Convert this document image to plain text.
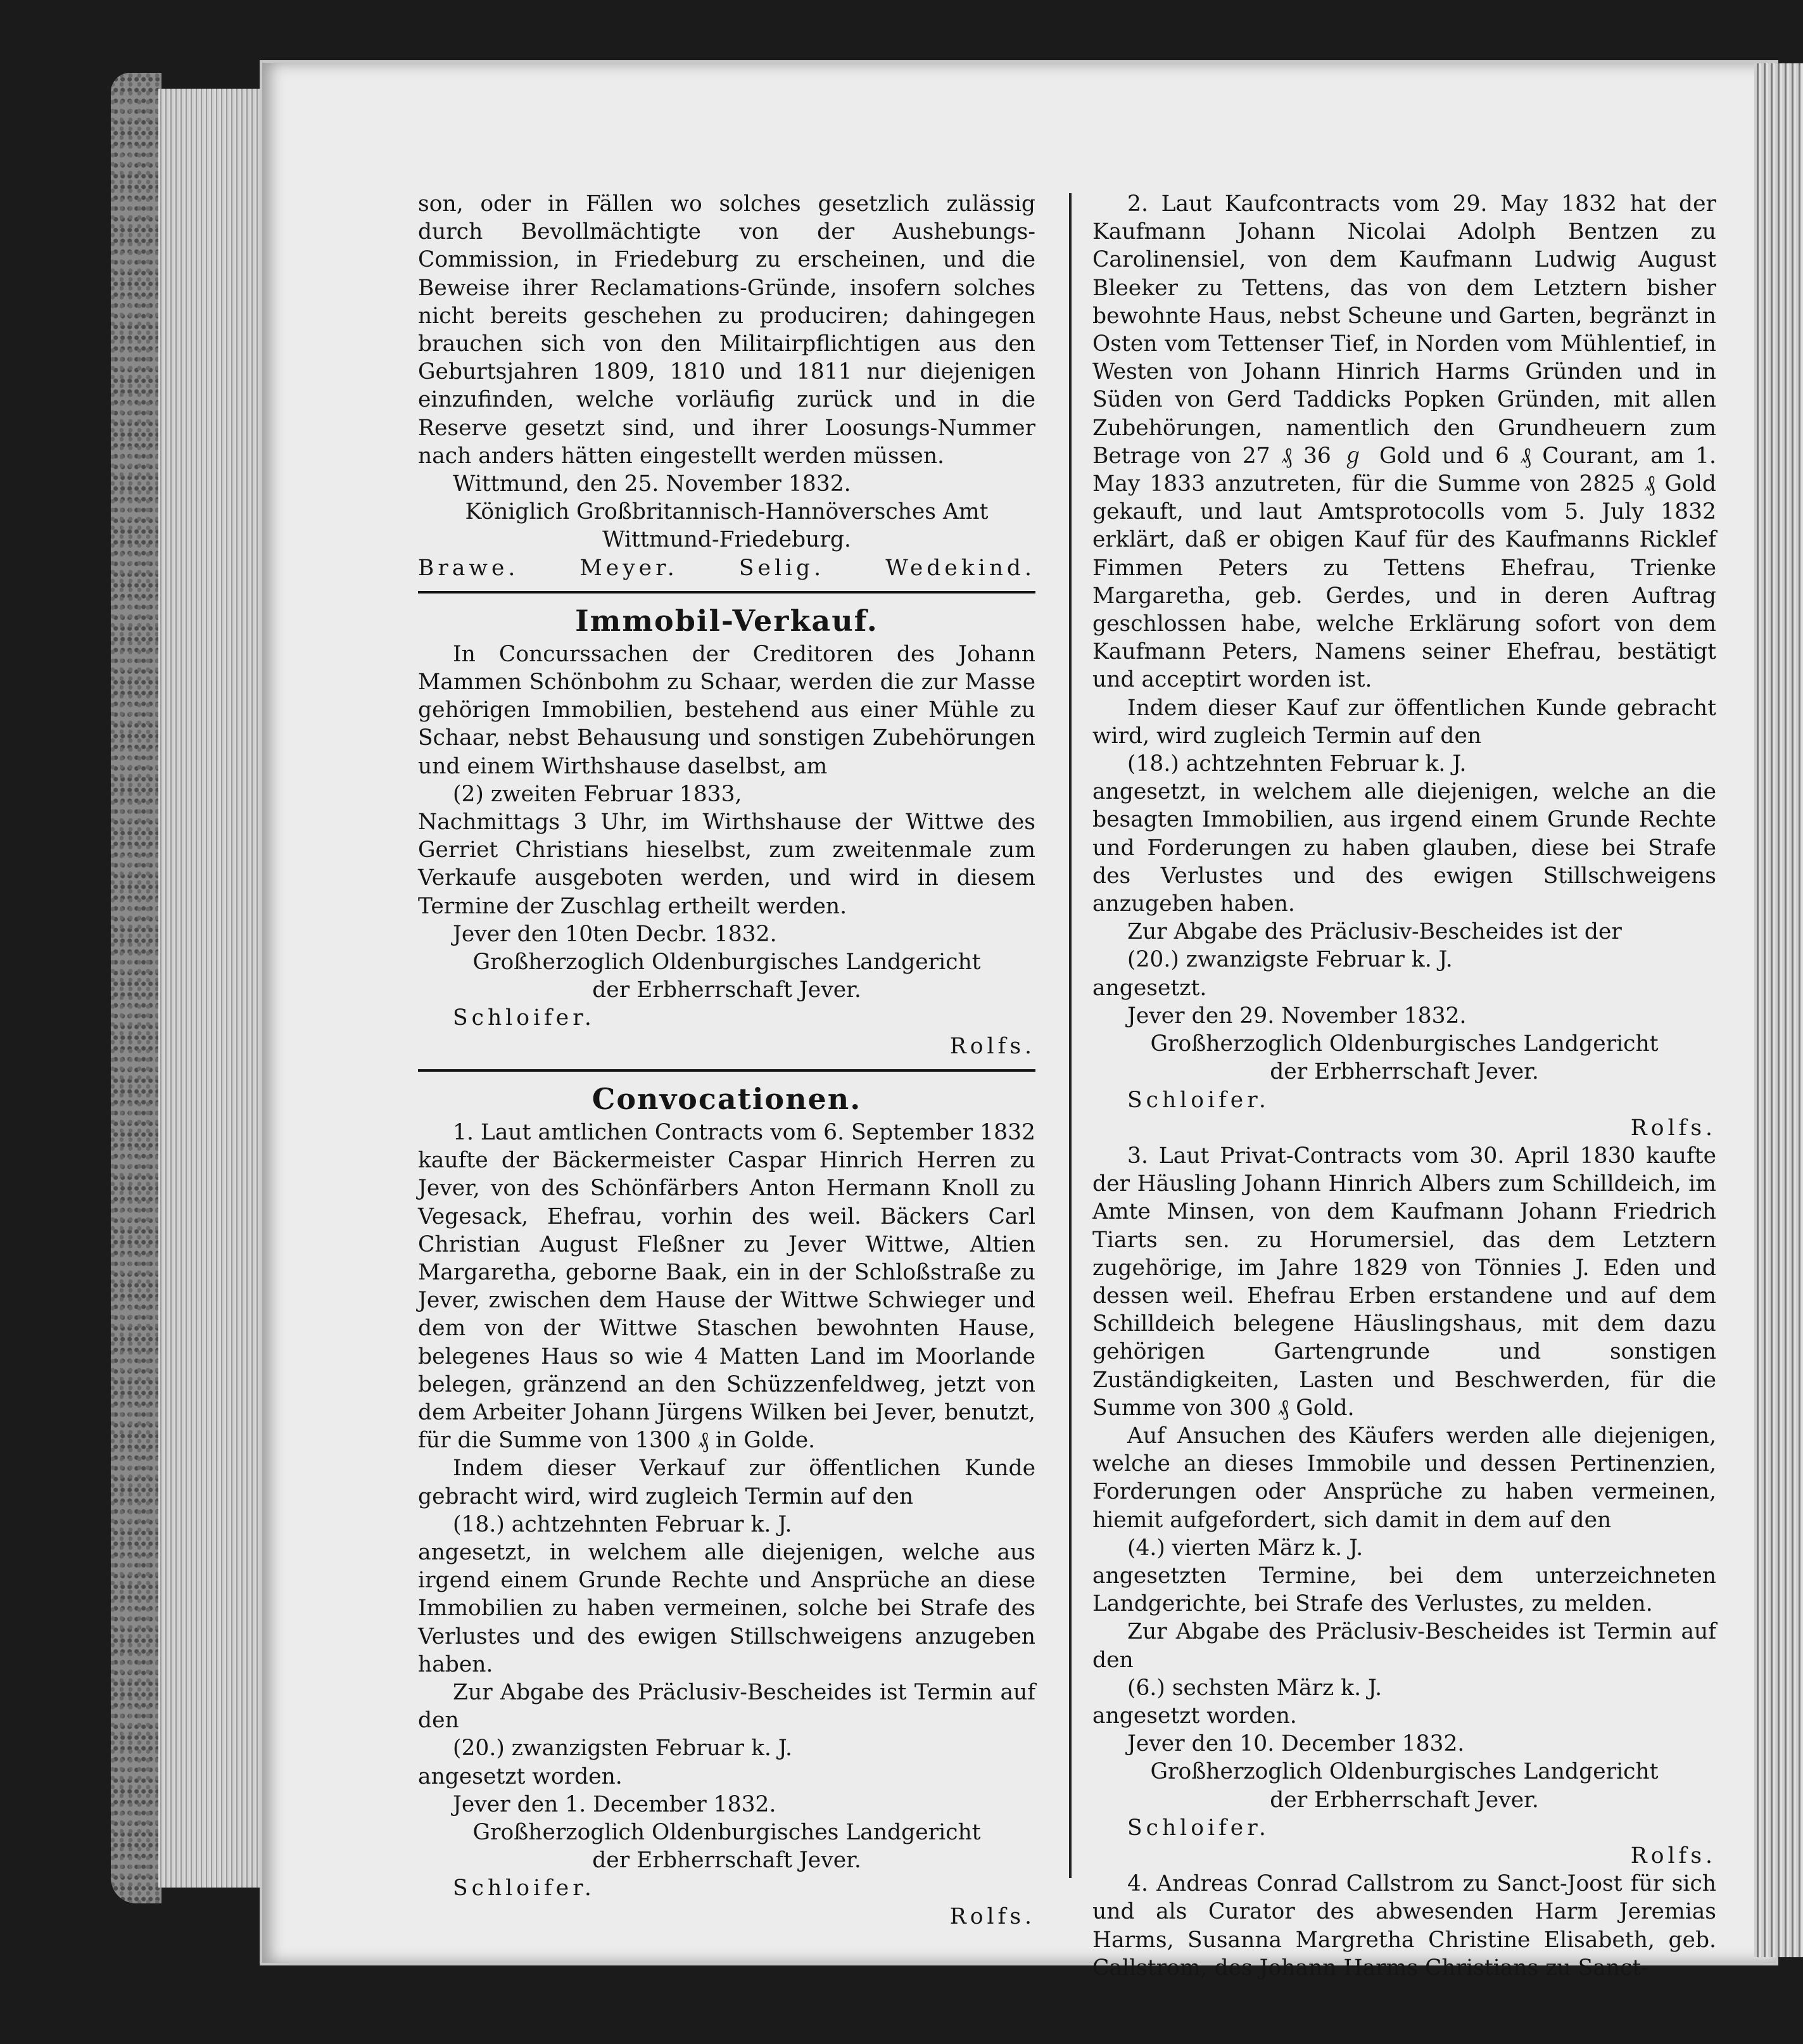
son, oder in Fällen wo solches gesetzlich zulässig durch Bevollmächtigte von der Aushebungs-Commission, in Friedeburg zu erscheinen, und die Beweise ihrer Reclamations-Gründe, insofern solches nicht bereits geschehen zu produciren; dahingegen brauchen sich von den Militairpflichtigen aus den Geburtsjahren 1809, 1810 und 1811 nur diejenigen einzufinden, welche vorläufig zurück und in die Reserve gesetzt sind, und ihrer Loosungs-Nummer nach anders hätten eingestellt werden müssen.

Wittmund, den 25. November 1832.

Königlich Großbritannisch-Hannöversches Amt

Wittmund-Friedeburg.

Brawe.	Meyer.	Selig.	Wedekind.
Immobil-Verkauf.

In Concurssachen der Creditoren des Johann Mammen Schönbohm zu Schaar, werden die zur Masse gehörigen Immobilien, bestehend aus einer Mühle zu Schaar, nebst Behausung und sonstigen Zubehörungen und einem Wirthshause daselbst, am

(2) zweiten Februar 1833,

Nachmittags 3 Uhr, im Wirthshause der Wittwe des Gerriet Christians hieselbst, zum zweitenmale zum Verkaufe ausgeboten werden, und wird in diesem Termine der Zuschlag ertheilt werden.

Jever den 10ten Decbr. 1832.

Großherzoglich Oldenburgisches Landgericht

der Erbherrschaft Jever.

Schloifer.

Rolfs.

Convocationen.

1. Laut amtlichen Contracts vom 6. September 1832 kaufte der Bäckermeister Caspar Hinrich Herren zu Jever, von des Schönfärbers Anton Hermann Knoll zu Vegesack, Ehefrau, vorhin des weil. Bäckers Carl Christian August Fleßner zu Jever Wittwe, Altien Margaretha, geborne Baak, ein in der Schloßstraße zu Jever, zwischen dem Hause der Wittwe Schwieger und dem von der Wittwe Staschen bewohnten Hause, belegenes Haus so wie 4 Matten Land im Moorlande belegen, gränzend an den Schüzzenfeldweg, jetzt von dem Arbeiter Johann Jürgens Wilken bei Jever, benutzt, für die Summe von 1300 ₰ in Golde.

Indem dieser Verkauf zur öffentlichen Kunde gebracht wird, wird zugleich Termin auf den

(18.) achtzehnten Februar k. J.

angesetzt, in welchem alle diejenigen, welche aus irgend einem Grunde Rechte und Ansprüche an diese Immobilien zu haben vermeinen, solche bei Strafe des Verlustes und des ewigen Stillschweigens anzugeben haben.

Zur Abgabe des Präclusiv-Bescheides ist Termin auf den

(20.) zwanzigsten Februar k. J.

angesetzt worden.

Jever den 1. December 1832.

Großherzoglich Oldenburgisches Landgericht

der Erbherrschaft Jever.

Schloifer.

Rolfs.

2. Laut Kaufcontracts vom 29. May 1832 hat der Kaufmann Johann Nicolai Adolph Bentzen zu Carolinensiel, von dem Kaufmann Ludwig August Bleeker zu Tettens, das von dem Letztern bisher bewohnte Haus, nebst Scheune und Garten, begränzt in Osten vom Tettenser Tief, in Norden vom Mühlentief, in Westen von Johann Hinrich Harms Gründen und in Süden von Gerd Taddicks Popken Gründen, mit allen Zubehörungen, namentlich den Grundheuern zum Betrage von 27 ₰ 36 ℊ Gold und 6 ₰ Courant, am 1. May 1833 anzutreten, für die Summe von 2825 ₰ Gold gekauft, und laut Amtsprotocolls vom 5. July 1832 erklärt, daß er obigen Kauf für des Kaufmanns Ricklef Fimmen Peters zu Tettens Ehefrau, Trienke Margaretha, geb. Gerdes, und in deren Auftrag geschlossen habe, welche Erklärung sofort von dem Kaufmann Peters, Namens seiner Ehefrau, bestätigt und acceptirt worden ist.

Indem dieser Kauf zur öffentlichen Kunde gebracht wird, wird zugleich Termin auf den

(18.) achtzehnten Februar k. J.

angesetzt, in welchem alle diejenigen, welche an die besagten Immobilien, aus irgend einem Grunde Rechte und Forderungen zu haben glauben, diese bei Strafe des Verlustes und des ewigen Stillschweigens anzugeben haben.

Zur Abgabe des Präclusiv-Bescheides ist der

(20.) zwanzigste Februar k. J.

angesetzt.

Jever den 29. November 1832.

Großherzoglich Oldenburgisches Landgericht

der Erbherrschaft Jever.

Schloifer.

Rolfs.

3. Laut Privat-Contracts vom 30. April 1830 kaufte der Häusling Johann Hinrich Albers zum Schilldeich, im Amte Minsen, von dem Kaufmann Johann Friedrich Tiarts sen. zu Horumersiel, das dem Letztern zugehörige, im Jahre 1829 von Tönnies J. Eden und dessen weil. Ehefrau Erben erstandene und auf dem Schilldeich belegene Häuslingshaus, mit dem dazu gehörigen Gartengrunde und sonstigen Zuständigkeiten, Lasten und Beschwerden, für die Summe von 300 ₰ Gold.

Auf Ansuchen des Käufers werden alle diejenigen, welche an dieses Immobile und dessen Pertinenzien, Forderungen oder Ansprüche zu haben vermeinen, hiemit aufgefordert, sich damit in dem auf den

(4.) vierten März k. J.

angesetzten Termine, bei dem unterzeichneten Landgerichte, bei Strafe des Verlustes, zu melden.

Zur Abgabe des Präclusiv-Bescheides ist Termin auf den

(6.) sechsten März k. J.

angesetzt worden.

Jever den 10. December 1832.

Großherzoglich Oldenburgisches Landgericht

der Erbherrschaft Jever.

Schloifer.

Rolfs.

4. Andreas Conrad Callstrom zu Sanct-Joost für sich und als Curator des abwesenden Harm Jeremias Harms, Susanna Margretha Christine Elisabeth, geb. Callstrom, des Johann Harms Christians zu Sanct-
